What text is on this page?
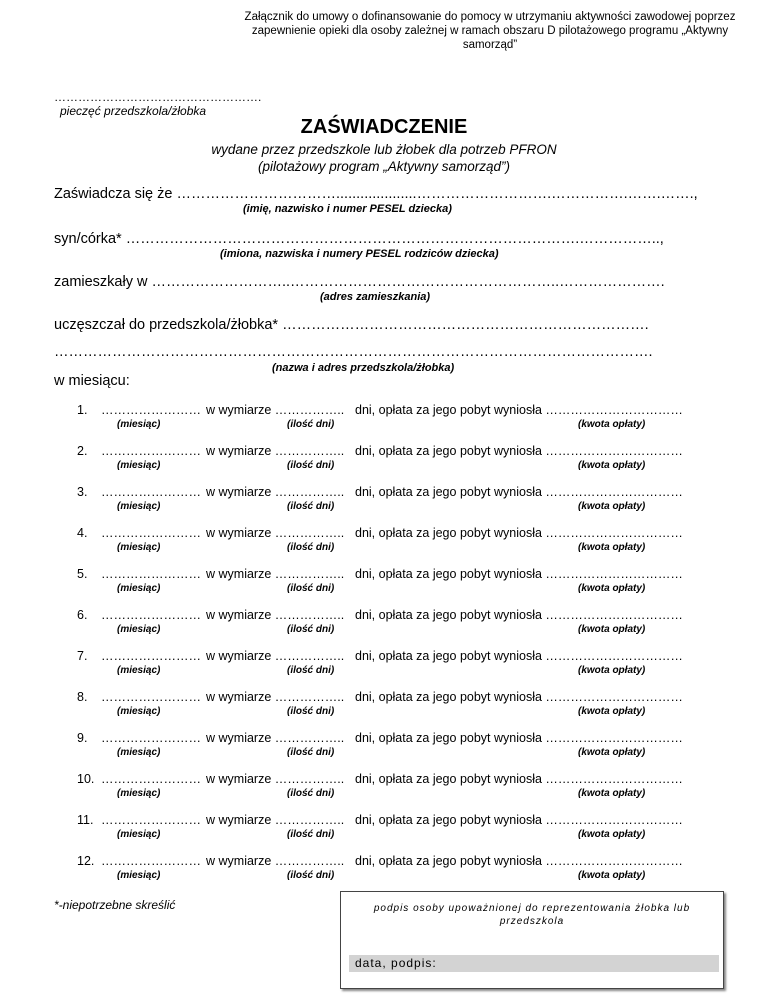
Załącznik do umowy o dofinansowanie do pomocy w utrzymaniu aktywności zawodowej poprzez zapewnienie opieki dla osoby zależnej w ramach obszaru D pilotażowego programu „Aktywny samorząd”
…………………………………………….
pieczęć przedszkola/żłobka
ZAŚWIADCZENIE
wydane przez przedszkole lub żłobek dla potrzeb PFRON
(pilotażowy program „Aktywny samorząd”)
Zaświadcza się że ……………………………....................……………………….…………….…….…….,
(imię, nazwisko i numer PESEL dziecka)
syn/córka* ………………………………………………………………………………….……………..,
(imiona, nazwiska i numery PESEL rodziców dziecka)
zamieszkały w ………………………..………………………………………………..………………….
(adres zamieszkania)
uczęszczał do przedszkola/żłobka* ………………………………………………………………….
…………………………………………………………………………………………………………….
(nazwa i adres przedszkola/żłobka)
w miesiącu:
1. …………………… w wymiarze …………….. dni, opłata za jego pobyt wyniosła ……………………………
(miesiąc)	(ilość dni)	(kwota opłaty)
2. …………………… w wymiarze …………….. dni, opłata za jego pobyt wyniosła ……………………………
(miesiąc)	(ilość dni)	(kwota opłaty)
3. …………………… w wymiarze …………….. dni, opłata za jego pobyt wyniosła ……………………………
(miesiąc)	(ilość dni)	(kwota opłaty)
4. …………………… w wymiarze …………….. dni, opłata za jego pobyt wyniosła ……………………………
(miesiąc)	(ilość dni)	(kwota opłaty)
5. …………………… w wymiarze …………….. dni, opłata za jego pobyt wyniosła ……………………………
(miesiąc)	(ilość dni)	(kwota opłaty)
6. …………………… w wymiarze …………….. dni, opłata za jego pobyt wyniosła ……………………………
(miesiąc)	(ilość dni)	(kwota opłaty)
7. …………………… w wymiarze …………….. dni, opłata za jego pobyt wyniosła ……………………………
(miesiąc)	(ilość dni)	(kwota opłaty)
8. …………………… w wymiarze …………….. dni, opłata za jego pobyt wyniosła ……………………………
(miesiąc)	(ilość dni)	(kwota opłaty)
9. …………………… w wymiarze …………….. dni, opłata za jego pobyt wyniosła ……………………………
(miesiąc)	(ilość dni)	(kwota opłaty)
10. …………………… w wymiarze …………….. dni, opłata za jego pobyt wyniosła ……………………………
(miesiąc)	(ilość dni)	(kwota opłaty)
11. …………………… w wymiarze …………….. dni, opłata za jego pobyt wyniosła ……………………………
(miesiąc)	(ilość dni)	(kwota opłaty)
12. …………………… w wymiarze …………….. dni, opłata za jego pobyt wyniosła ……………………………
(miesiąc)	(ilość dni)	(kwota opłaty)
*-niepotrzebne skreślić	podpis osoby upoważnionej do reprezentowania żłobka lub przedszkola
data, podpis:
